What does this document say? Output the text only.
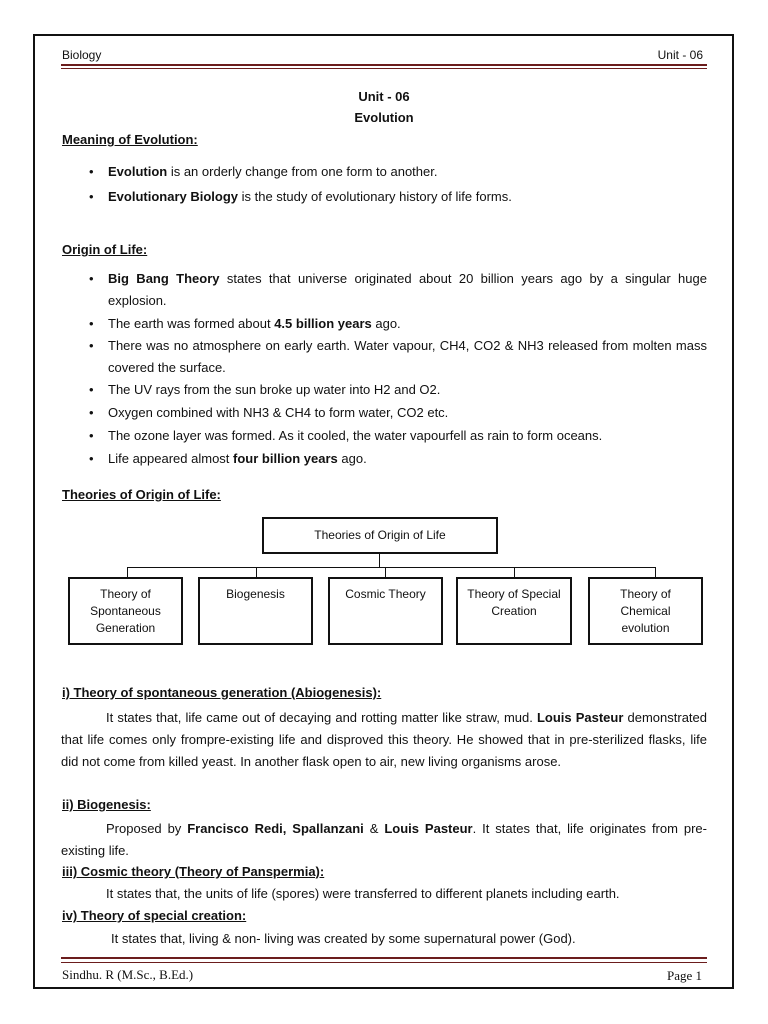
Biology	Unit - 06
Unit - 06
Evolution
Meaning of Evolution:
• Evolution is an orderly change from one form to another.
• Evolutionary Biology is the study of evolutionary history of life forms.
Origin of Life:
• Big Bang Theory states that universe originated about 20 billion years ago by a singular huge explosion.
• The earth was formed about 4.5 billion years ago.
• There was no atmosphere on early earth. Water vapour, CH4, CO2 & NH3 released from molten mass covered the surface.
• The UV rays from the sun broke up water into H2 and O2.
• Oxygen combined with NH3 & CH4 to form water, CO2 etc.
• The ozone layer was formed. As it cooled, the water vapourfell as rain to form oceans.
• Life appeared almost four billion years ago.
Theories of Origin of Life:
Theories of Origin of Life
Theory of Spontaneous Generation
Biogenesis	Cosmic Theory	Theory of Special Creation
Theory of Chemical evolution
i) Theory of spontaneous generation (Abiogenesis):
It states that, life came out of decaying and rotting matter like straw, mud. Louis Pasteur demonstrated that life comes only frompre-existing life and disproved this theory. He showed that in pre-sterilized flasks, life did not come from killed yeast. In another flask open to air, new living organisms arose.
ii) Biogenesis:
Proposed by Francisco Redi, Spallanzani & Louis Pasteur. It states that, life originates from pre-existing life.
iii) Cosmic theory (Theory of Panspermia):
It states that, the units of life (spores) were transferred to different planets including earth.
iv) Theory of special creation:
It states that, living & non- living was created by some supernatural power (God).
Sindhu. R (M.Sc., B.Ed.)	Page 1
